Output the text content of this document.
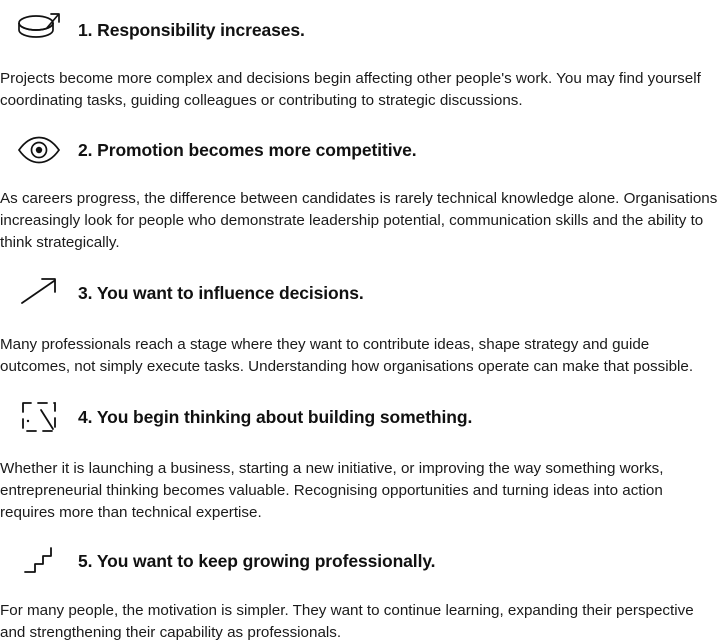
1. Responsibility increases.

Projects become more complex and decisions begin affecting other people's work. You may find yourself coordinating tasks, guiding colleagues or contributing to strategic discussions.

2. Promotion becomes more competitive.

As careers progress, the difference between candidates is rarely technical knowledge alone. Organisations increasingly look for people who demonstrate leadership potential, communication skills and the ability to think strategically.

3. You want to influence decisions.

Many professionals reach a stage where they want to contribute ideas, shape strategy and guide outcomes, not simply execute tasks. Understanding how organisations operate can make that possible.

4. You begin thinking about building something.

Whether it is launching a business, starting a new initiative, or improving the way something works, entrepreneurial thinking becomes valuable. Recognising opportunities and turning ideas into action requires more than technical expertise.

5. You want to keep growing professionally.

For many people, the motivation is simpler. They want to continue learning, expanding their perspective and strengthening their capability as professionals.
